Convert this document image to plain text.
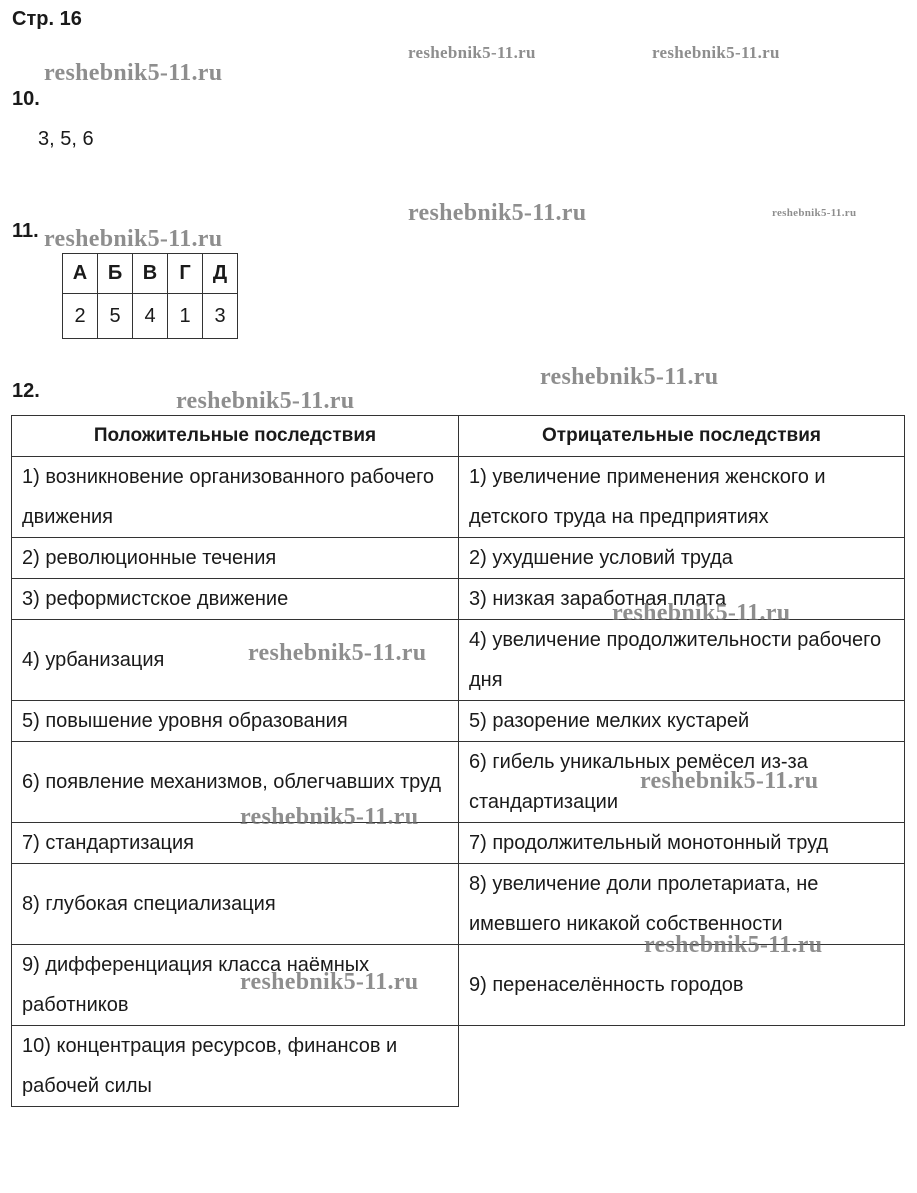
Стр. 16
10.
3, 5, 6
11.
А	Б	В	Г	Д
2	5	4	1	3
12.
Положительные последствия	Отрицательные последствия
1) возникновение организованного рабочего движения	1) увеличение применения женского и детского труда на предприятиях
2) революционные течения	2) ухудшение условий труда
3) реформистское движение	3) низкая заработная плата
4) урбанизация	4) увеличение продолжительности рабочего дня
5) повышение уровня образования	5) разорение мелких кустарей
6) появление механизмов, облегчавших труд	6) гибель уникальных ремёсел из-за стандартизации
7) стандартизация	7) продолжительный монотонный труд
8) глубокая специализация	8) увеличение доли пролетариата, не имевшего никакой собственности
9) дифференциация класса наёмных работников	9) перенаселённость городов
10) концентрация ресурсов, финансов и рабочей силы	
reshebnik5-11.ru
reshebnik5-11.ru	reshebnik5-11.ru
reshebnik5-11.ru	reshebnik5-11.ru
reshebnik5-11.ru
reshebnik5-11.ru
reshebnik5-11.ru
reshebnik5-11.ru
reshebnik5-11.ru
reshebnik5-11.ru
reshebnik5-11.ru
reshebnik5-11.ru
reshebnik5-11.ru
